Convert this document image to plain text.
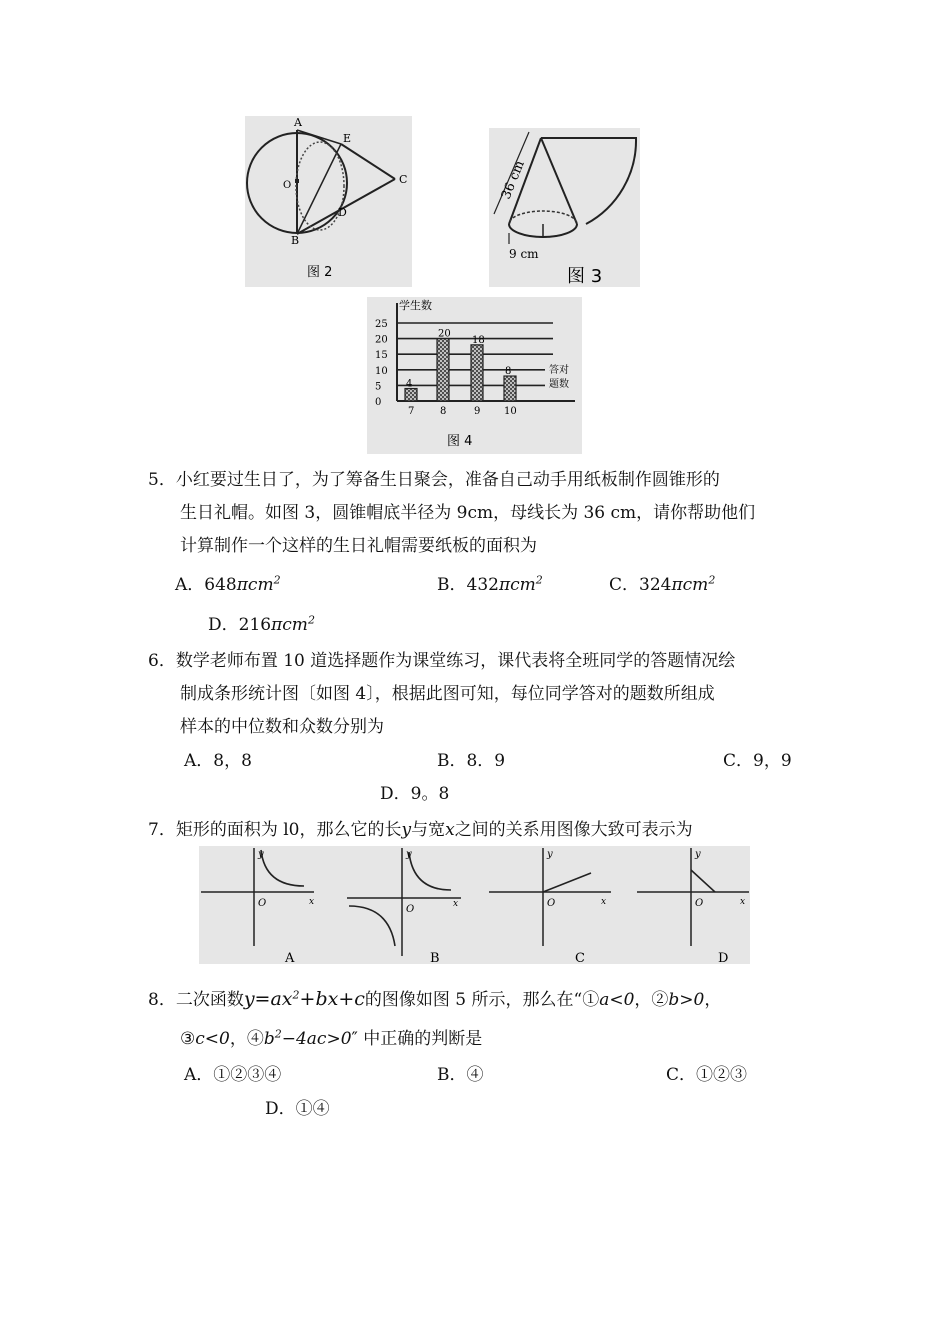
A
E
C
D
B
O
图 2
36 cm
9 cm
图 3
学生数
25
20
15
10
5
0
4
7
20
8
18
9
8
10
答对
题数
图 4
5．小红要过生日了，为了筹备生日聚会，准备自己动手用纸板制作圆锥形的
生日礼帽。如图 3，圆锥帽底半径为 9cm，母线长为 36 cm，请你帮助他们
计算制作一个这样的生日礼帽需要纸板的面积为
A．648πcm$^2$	B．432πcm$^2$	C．324πcm$^2$
D．216πcm$^2$
6．数学老师布置 10 道选择题作为课堂练习，课代表将全班同学的答题情况绘
制成条形统计图〔如图 4〕，根据此图可知，每位同学答对的题数所组成
样本的中位数和众数分别为
A．8，8	B．8．9	C．9，9
D．9。8
7．矩形的面积为 l0，那么它的长y与宽x之间的关系用图像大致可表示为
y
x
O
A
y
x
O
B
y
x
O
C
y
x
O
D
8．二次函数$y=ax^2+bx+c$的图像如图 5 所示，那么在“①a<0，②b>0，
③c<0，$④b^2-4ac>0''$ 中正确的判断是
A．①②③④	B．④	C．①②③
D．①④
